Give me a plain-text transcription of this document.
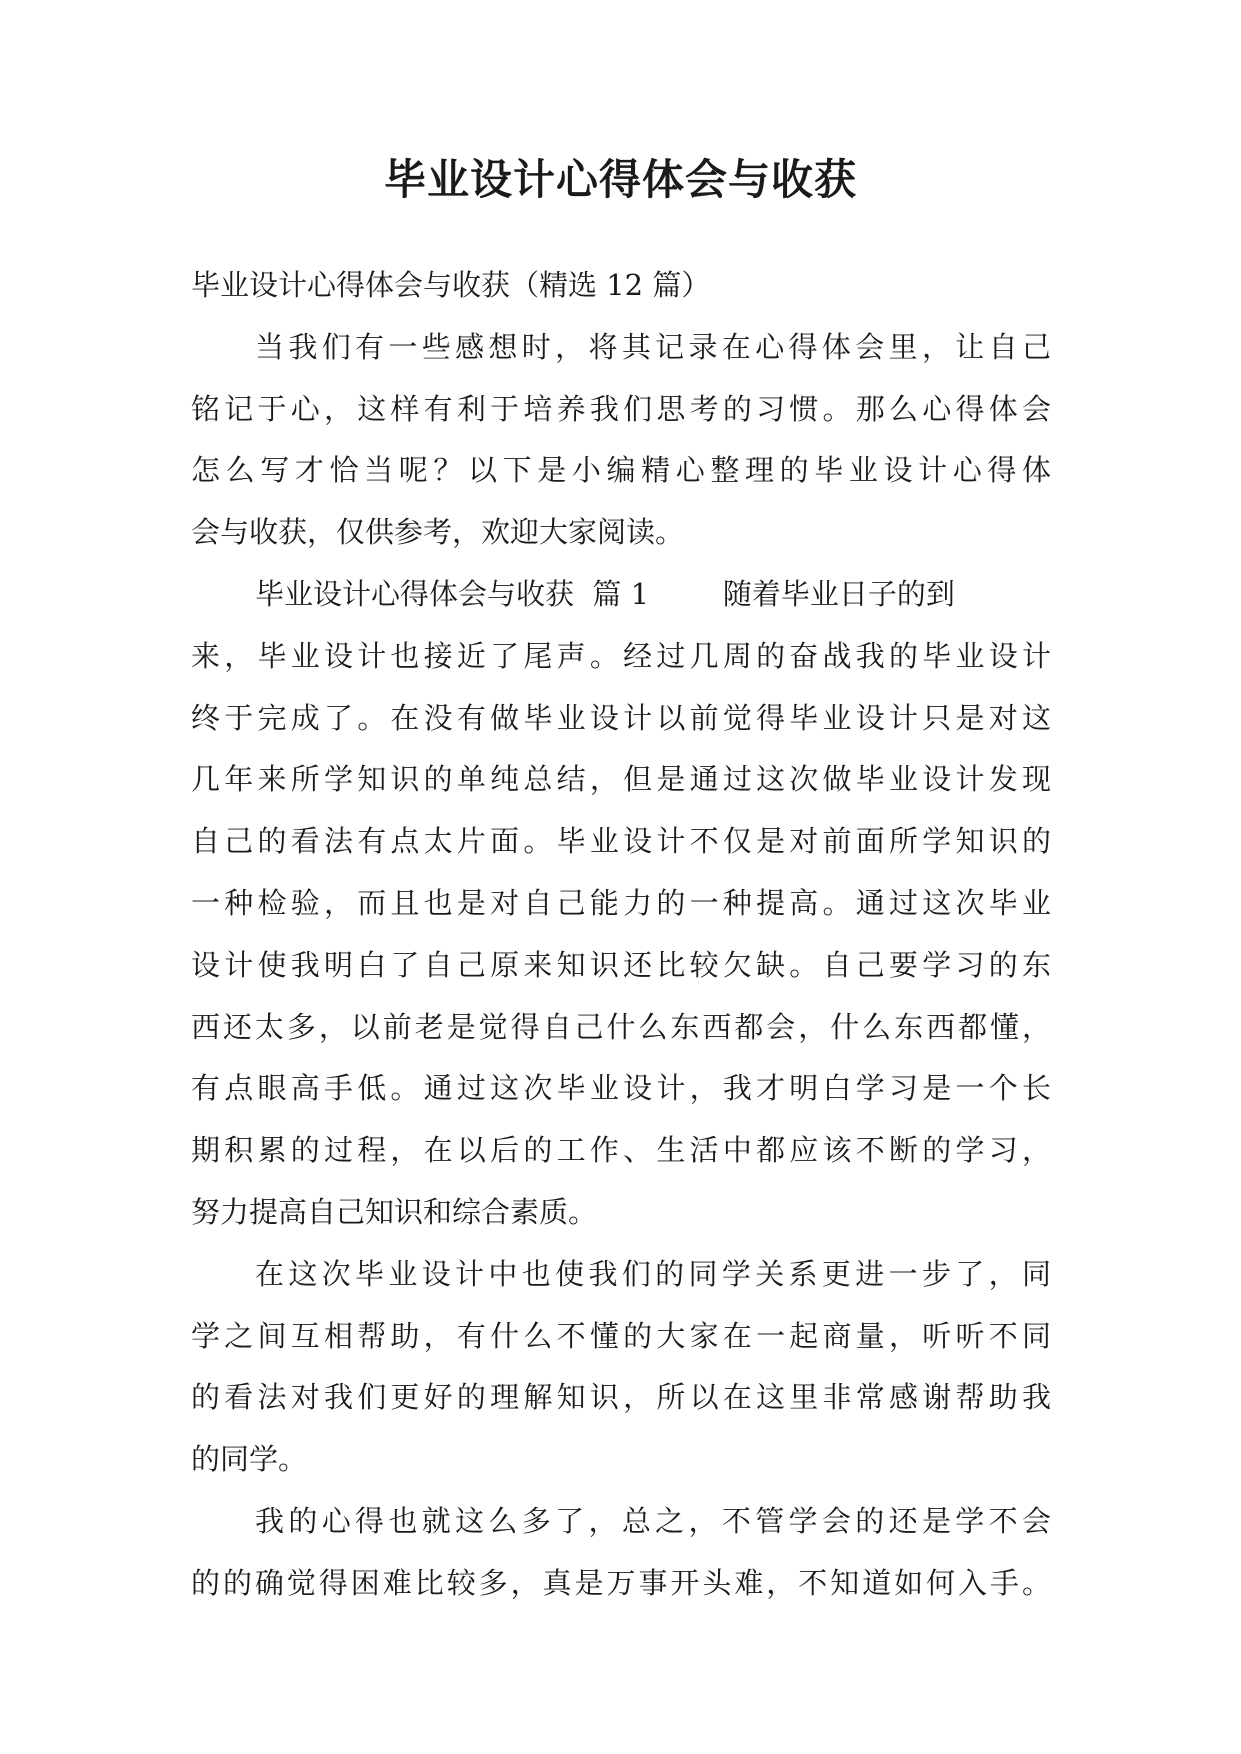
毕业设计心得体会与收获
毕业设计心得体会与收获（精选 12 篇）
当我们有一些感想时，将其记录在心得体会里，让自己
铭记于心，这样有利于培养我们思考的习惯。那么心得体会
怎么写才恰当呢？以下是小编精心整理的毕业设计心得体
会与收获，仅供参考，欢迎大家阅读。
毕业设计心得体会与收获  篇 1        随着毕业日子的到
来，毕业设计也接近了尾声。经过几周的奋战我的毕业设计
终于完成了。在没有做毕业设计以前觉得毕业设计只是对这
几年来所学知识的单纯总结，但是通过这次做毕业设计发现
自己的看法有点太片面。毕业设计不仅是对前面所学知识的
一种检验，而且也是对自己能力的一种提高。通过这次毕业
设计使我明白了自己原来知识还比较欠缺。自己要学习的东
西还太多，以前老是觉得自己什么东西都会，什么东西都懂，
有点眼高手低。通过这次毕业设计，我才明白学习是一个长
期积累的过程，在以后的工作、生活中都应该不断的学习，
努力提高自己知识和综合素质。
在这次毕业设计中也使我们的同学关系更进一步了，同
学之间互相帮助，有什么不懂的大家在一起商量，听听不同
的看法对我们更好的理解知识，所以在这里非常感谢帮助我
的同学。
我的心得也就这么多了，总之，不管学会的还是学不会
的的确觉得困难比较多，真是万事开头难，不知道如何入手。
